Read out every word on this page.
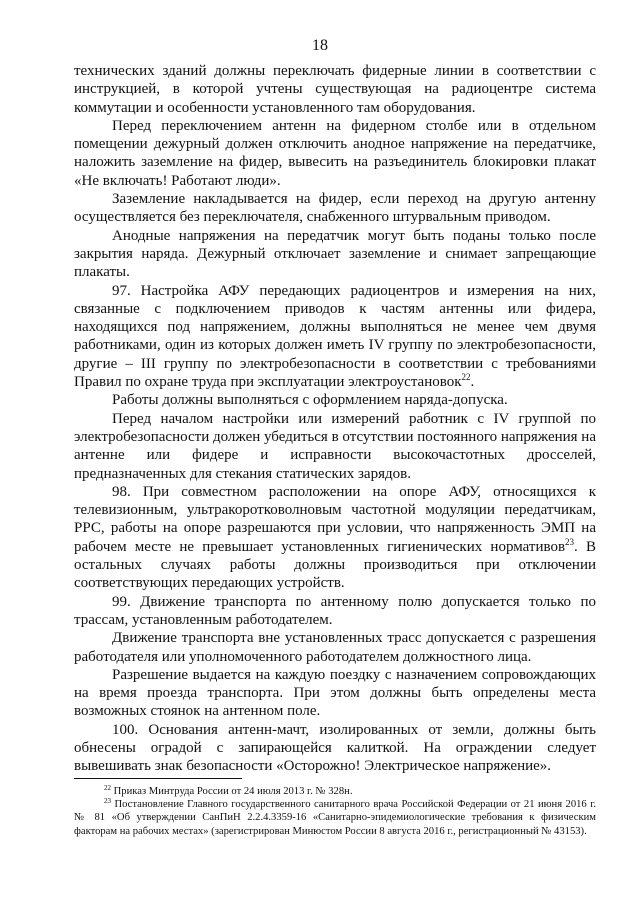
18

технических зданий должны переключать фидерные линии в соответствии с инструкцией, в которой учтены существующая на радиоцентре система коммутации и особенности установленного там оборудования.

Перед переключением антенн на фидерном столбе или в отдельном помещении дежурный должен отключить анодное напряжение на передатчике, наложить заземление на фидер, вывесить на разъединитель блокировки плакат «Не включать! Работают люди».

Заземление накладывается на фидер, если переход на другую антенну осуществляется без переключателя, снабженного штурвальным приводом.

Анодные напряжения на передатчик могут быть поданы только после закрытия наряда. Дежурный отключает заземление и снимает запрещающие плакаты.

97. Настройка АФУ передающих радиоцентров и измерения на них, связанные с подключением приводов к частям антенны или фидера, находящихся под напряжением, должны выполняться не менее чем двумя работниками, один из которых должен иметь IV группу по электробезопасности, другие – III группу по электробезопасности в соответствии с требованиями Правил по охране труда при эксплуатации электроустановок$^{22}$.

Работы должны выполняться с оформлением наряда-допуска.

Перед началом настройки или измерений работник с IV группой по электробезопасности должен убедиться в отсутствии постоянного напряжения на антенне или фидере и исправности высокочастотных дросселей, предназначенных для стекания статических зарядов.

98. При совместном расположении на опоре АФУ, относящихся к телевизионным, ультракоротковолновым частотной модуляции передатчикам, РРС, работы на опоре разрешаются при условии, что напряженность ЭМП на рабочем месте не превышает установленных гигиенических нормативов$^{23}$. В остальных случаях работы должны производиться при отключении соответствующих передающих устройств.

99. Движение транспорта по антенному полю допускается только по трассам, установленным работодателем.

Движение транспорта вне установленных трасс допускается с разрешения работодателя или уполномоченного работодателем должностного лица.

Разрешение выдается на каждую поездку с назначением сопровождающих на время проезда транспорта. При этом должны быть определены места возможных стоянок на антенном поле.

100. Основания антенн-мачт, изолированных от земли, должны быть обнесены оградой с запирающейся калиткой. На ограждении следует вывешивать знак безопасности «Осторожно! Электрическое напряжение».

$^{22}$ Приказ Минтруда России от 24 июля 2013 г. № 328н.

$^{23}$ Постановление Главного государственного санитарного врача Российской Федерации от 21 июня 2016 г. № 81 «Об утверждении СанПиН 2.2.4.3359-16 «Санитарно-эпидемиологические требования к физическим факторам на рабочих местах» (зарегистрирован Минюстом России 8 августа 2016 г., регистрационный № 43153).
